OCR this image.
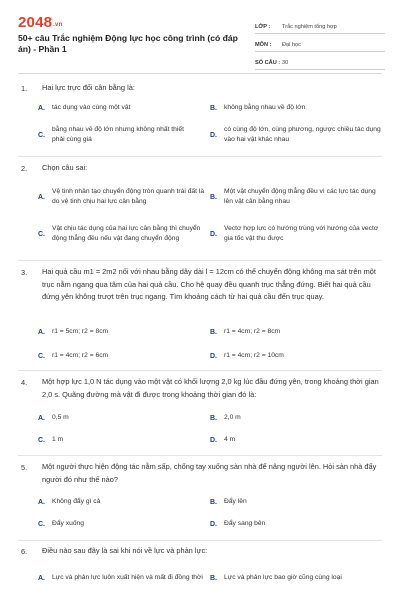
2048.vn
50+ câu Trắc nghiệm Động lực học công trình (có đáp án) - Phần 1
LỚP :	Trắc nghiệm tổng hợp
MÔN :	Đại học
SỐ CÂU : 30
1. Hai lực trực đối cân bằng là:
A.	tác dụng vào cùng một vật	B.	không bằng nhau về độ lớn
C.
bằng nhau về độ lớn nhưng không nhất thiết phải cùng giá
D.
có cùng độ lớn, cùng phương, ngược chiều tác dụng vào hai vật khác nhau
2. Chọn câu sai:
A.
Vệ tinh nhân tạo chuyển động tròn quanh trái đất là do vệ tinh chịu hai lực cân bằng
B.
Một vật chuyển động thẳng đều vì các lực tác dụng lên vật cân bằng nhau
C.
Vật chịu tác dụng của hai lực cân bằng thì chuyển động thẳng đều nếu vật đang chuyển động
D.
Vectơ hợp lực có hướng trùng với hướng của vectơ gia tốc vật thu được
3. Hai quả cầu m1 = 2m2 nối với nhau bằng dây dài l = 12cm có thể chuyển động không ma sát trên một trục nằm ngang qua tâm của hai quả cầu. Cho hệ quay đều quanh trục thẳng đứng. Biết hai quả cầu đứng yên không trượt trên trục ngang. Tìm khoảng cách từ hai quả cầu đến trục quay.
A.	r1 = 5cm; r2 = 8cm	B.	r1 = 4cm; r2 = 8cm
C.	r1 = 4cm; r2 = 6cm	D.	r1 = 4cm; r2 = 10cm
4. Một hợp lực 1,0 N tác dụng vào một vật có khối lượng 2,0 kg lúc đầu đứng yên, trong khoảng thời gian 2,0 s. Quãng đường mà vật đi được trong khoảng thời gian đó là:
A.	0,5 m	B.	2,0 m
C.	1 m	D.	4 m
5. Một người thực hiện động tác nằm sấp, chống tay xuống sàn nhà để nâng người lên. Hỏi sàn nhà đẩy người đó như thế nào?
A.	Không đẩy gì cả	B.	Đẩy lên
C.	Đẩy xuống	D.	Đẩy sang bên
6. Điều nào sau đây là sai khi nói về lực và phản lực:
A.	Lực và phản lực luôn xuất hiện và mất đi đồng thời B.	Lực và phản lực bao giờ cũng cùng loại
